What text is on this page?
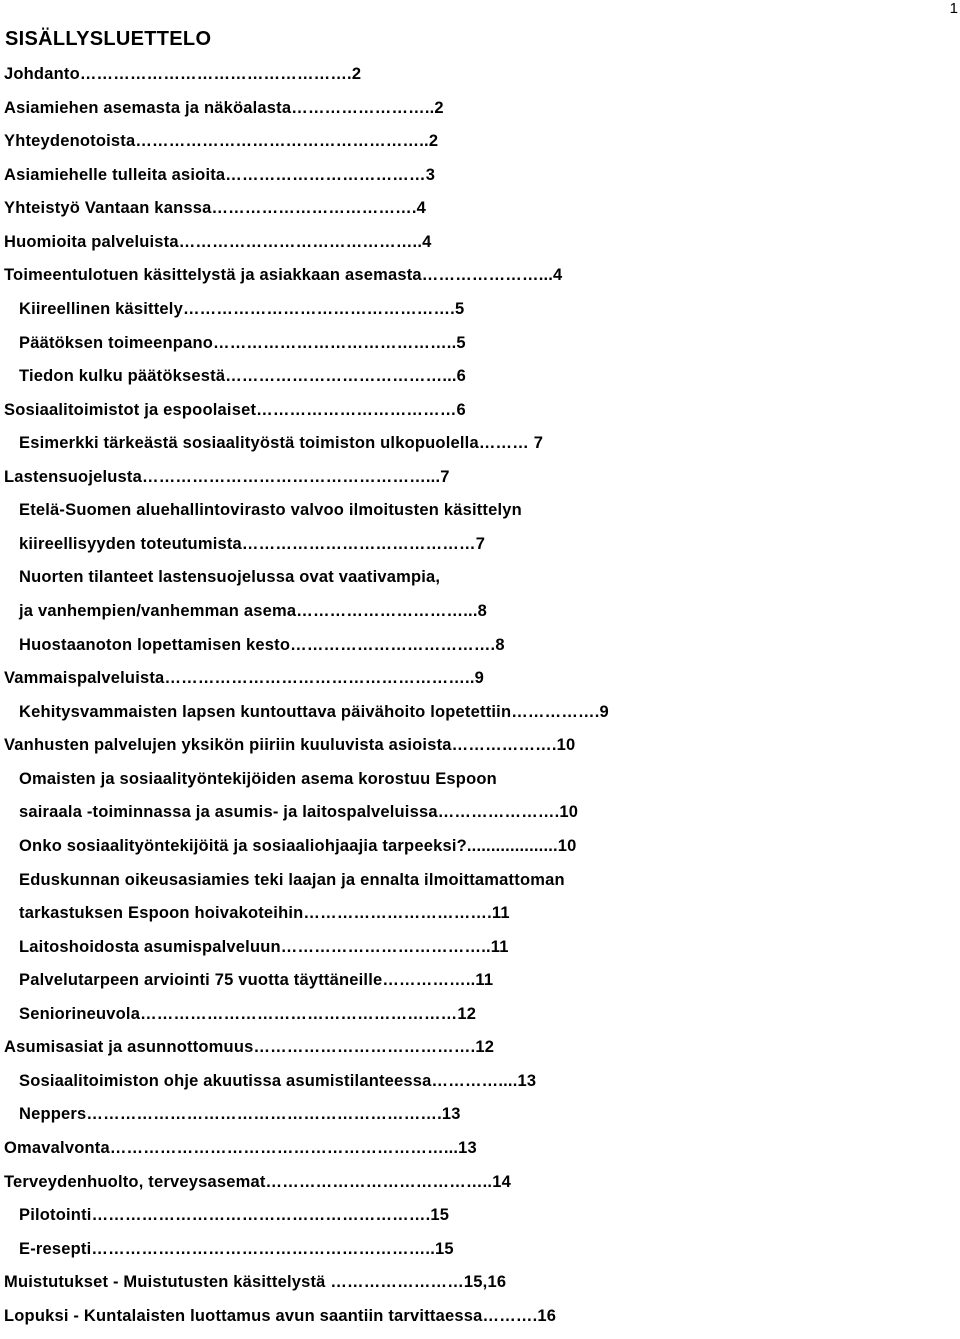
1
SISÄLLYSLUETTELO
Johdanto………………………………………….2
Asiamiehen asemasta ja näköalasta……………………..2
Yhteydenotoista……………………………………………..2
Asiamiehelle tulleita asioita………………………………3
Yhteistyö Vantaan kanssa……………………………….4
Huomioita palveluista……………………………………..4
Toimeentulotuen käsittelystä ja asiakkaan asemasta…………………...4
Kiireellinen käsittely………………………………………….5
Päätöksen toimeenpano……………………………………..5
Tiedon kulku päätöksestä…………………………………...6
Sosiaalitoimistot ja espoolaiset………………………………6
Esimerkki tärkeästä sosiaalityöstä toimiston ulkopuolella……… 7
Lastensuojelusta……………………………………………...7
Etelä-Suomen aluehallintovirasto valvoo ilmoitusten käsittelyn
kiireellisyyden toteutumista……………………………………7
Nuorten tilanteet lastensuojelussa ovat vaativampia,
ja vanhempien/vanhemman asema…………………………...8
Huostaanoton lopettamisen kesto……………………………….8
Vammaispalveluista………………………………………………..9
Kehitysvammaisten lapsen kuntouttava päivähoito lopetettiin…………….9
Vanhusten palvelujen yksikön piiriin kuuluvista asioista……………….10
Omaisten ja sosiaalityöntekijöiden asema korostuu Espoon
sairaala -toiminnassa ja asumis- ja laitospalveluissa………………….10
Onko sosiaalityöntekijöitä ja sosiaaliohjaajia tarpeeksi?...................10
Eduskunnan oikeusasiamies teki laajan ja ennalta ilmoittamattoman
tarkastuksen Espoon hoivakoteihin…………………………….11
Laitoshoidosta asumispalveluun………………………………..11
Palvelutarpeen arviointi 75 vuotta täyttäneille……………..11
Seniorineuvola…………………………………………………12
Asumisasiat ja asunnottomuus………………………………….12
Sosiaalitoimiston ohje akuutissa asumistilanteessa…………....13
Neppers……………………………………………………….13
Omavalvonta……………………………………………………...13
Terveydenhuolto, terveysasemat…………………………………..14
Pilotointi…………………………………………………….15
E-resepti……………………………………………………..15
Muistutukset - Muistutusten käsittelystä ……………………15,16
Lopuksi - Kuntalaisten luottamus avun saantiin tarvittaessa……….16
